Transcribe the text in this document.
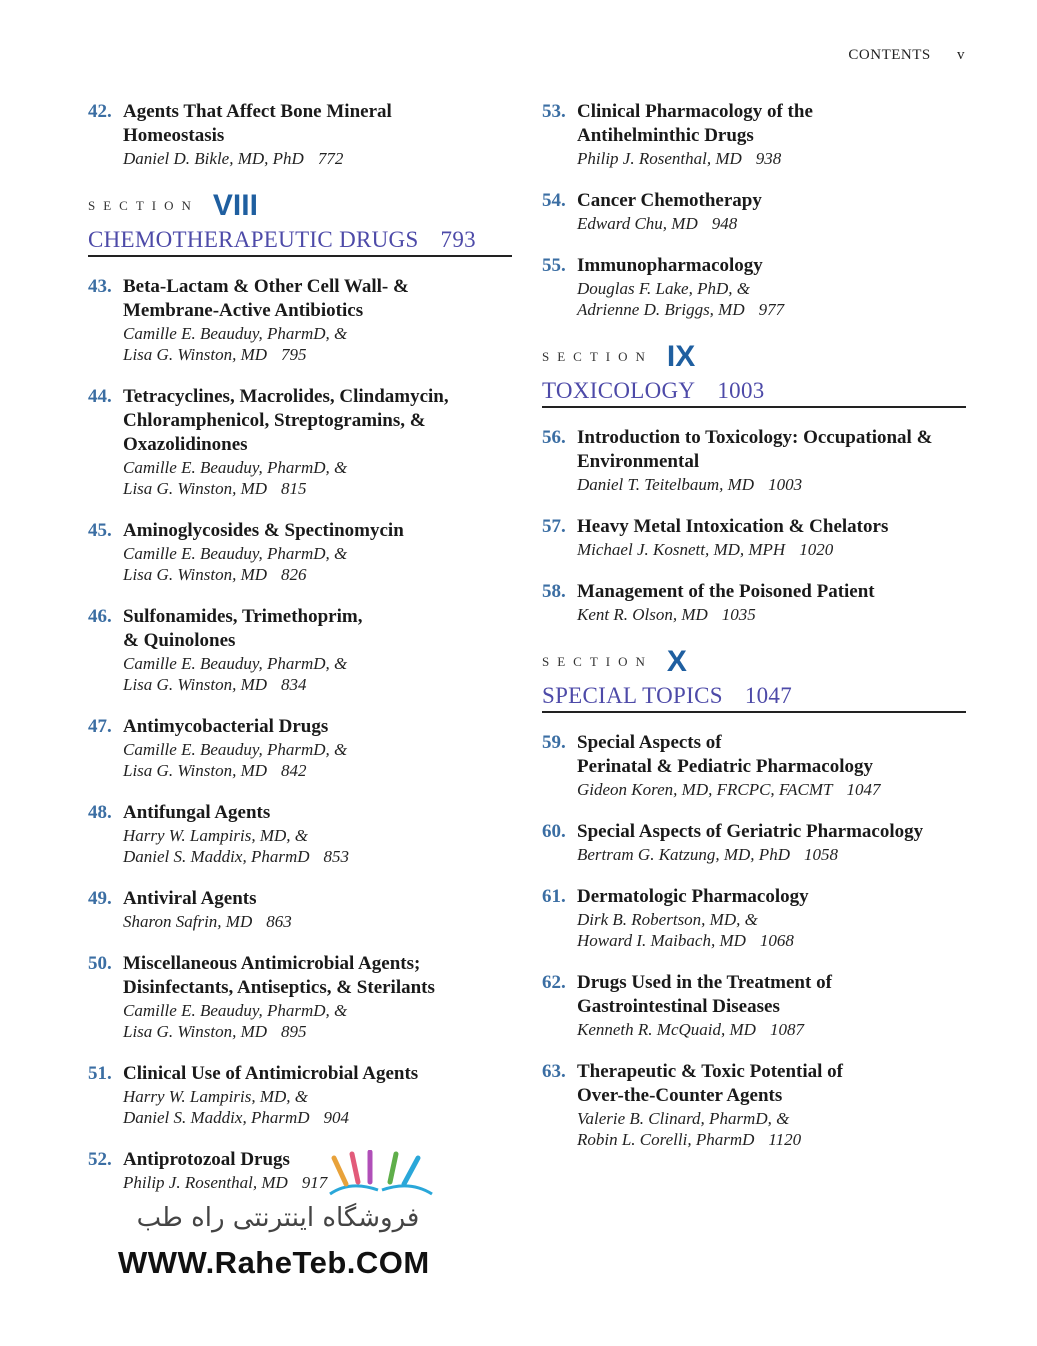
CONTENTS v
42. Agents That Affect Bone Mineral
Homeostasis
Daniel D. Bikle, MD, PhD 772
SECTION VIII
CHEMOTHERAPEUTIC DRUGS 793
43. Beta-Lactam & Other Cell Wall- &
Membrane-Active Antibiotics
Camille E. Beauduy, PharmD, &
Lisa G. Winston, MD 795
44. Tetracyclines, Macrolides, Clindamycin,
Chloramphenicol, Streptogramins, &
Oxazolidinones
Camille E. Beauduy, PharmD, &
Lisa G. Winston, MD 815
45. Aminoglycosides & Spectinomycin
Camille E. Beauduy, PharmD, &
Lisa G. Winston, MD 826
46. Sulfonamides, Trimethoprim,
& Quinolones
Camille E. Beauduy, PharmD, &
Lisa G. Winston, MD 834
47. Antimycobacterial Drugs
Camille E. Beauduy, PharmD, &
Lisa G. Winston, MD 842
48. Antifungal Agents
Harry W. Lampiris, MD, &
Daniel S. Maddix, PharmD 853
49. Antiviral Agents
Sharon Safrin, MD 863
50. Miscellaneous Antimicrobial Agents;
Disinfectants, Antiseptics, & Sterilants
Camille E. Beauduy, PharmD, &
Lisa G. Winston, MD 895
51. Clinical Use of Antimicrobial Agents
Harry W. Lampiris, MD, &
Daniel S. Maddix, PharmD 904
52. Antiprotozoal Drugs
Philip J. Rosenthal, MD 917
53. Clinical Pharmacology of the
Antihelminthic Drugs
Philip J. Rosenthal, MD 938
54. Cancer Chemotherapy
Edward Chu, MD 948
55. Immunopharmacology
Douglas F. Lake, PhD, &
Adrienne D. Briggs, MD 977
SECTION IX
TOXICOLOGY 1003
56. Introduction to Toxicology: Occupational &
Environmental
Daniel T. Teitelbaum, MD 1003
57. Heavy Metal Intoxication & Chelators
Michael J. Kosnett, MD, MPH 1020
58. Management of the Poisoned Patient
Kent R. Olson, MD 1035
SECTION X
SPECIAL TOPICS 1047
59. Special Aspects of
Perinatal & Pediatric Pharmacology
Gideon Koren, MD, FRCPC, FACMT 1047
60. Special Aspects of Geriatric Pharmacology
Bertram G. Katzung, MD, PhD 1058
61. Dermatologic Pharmacology
Dirk B. Robertson, MD, &
Howard I. Maibach, MD 1068
62. Drugs Used in the Treatment of
Gastrointestinal Diseases
Kenneth R. McQuaid, MD 1087
63. Therapeutic & Toxic Potential of
Over-the-Counter Agents
Valerie B. Clinard, PharmD, &
Robin L. Corelli, PharmD 1120
فروشگاه اینترنتی راه طب
WWW.RaheTeb.COM
